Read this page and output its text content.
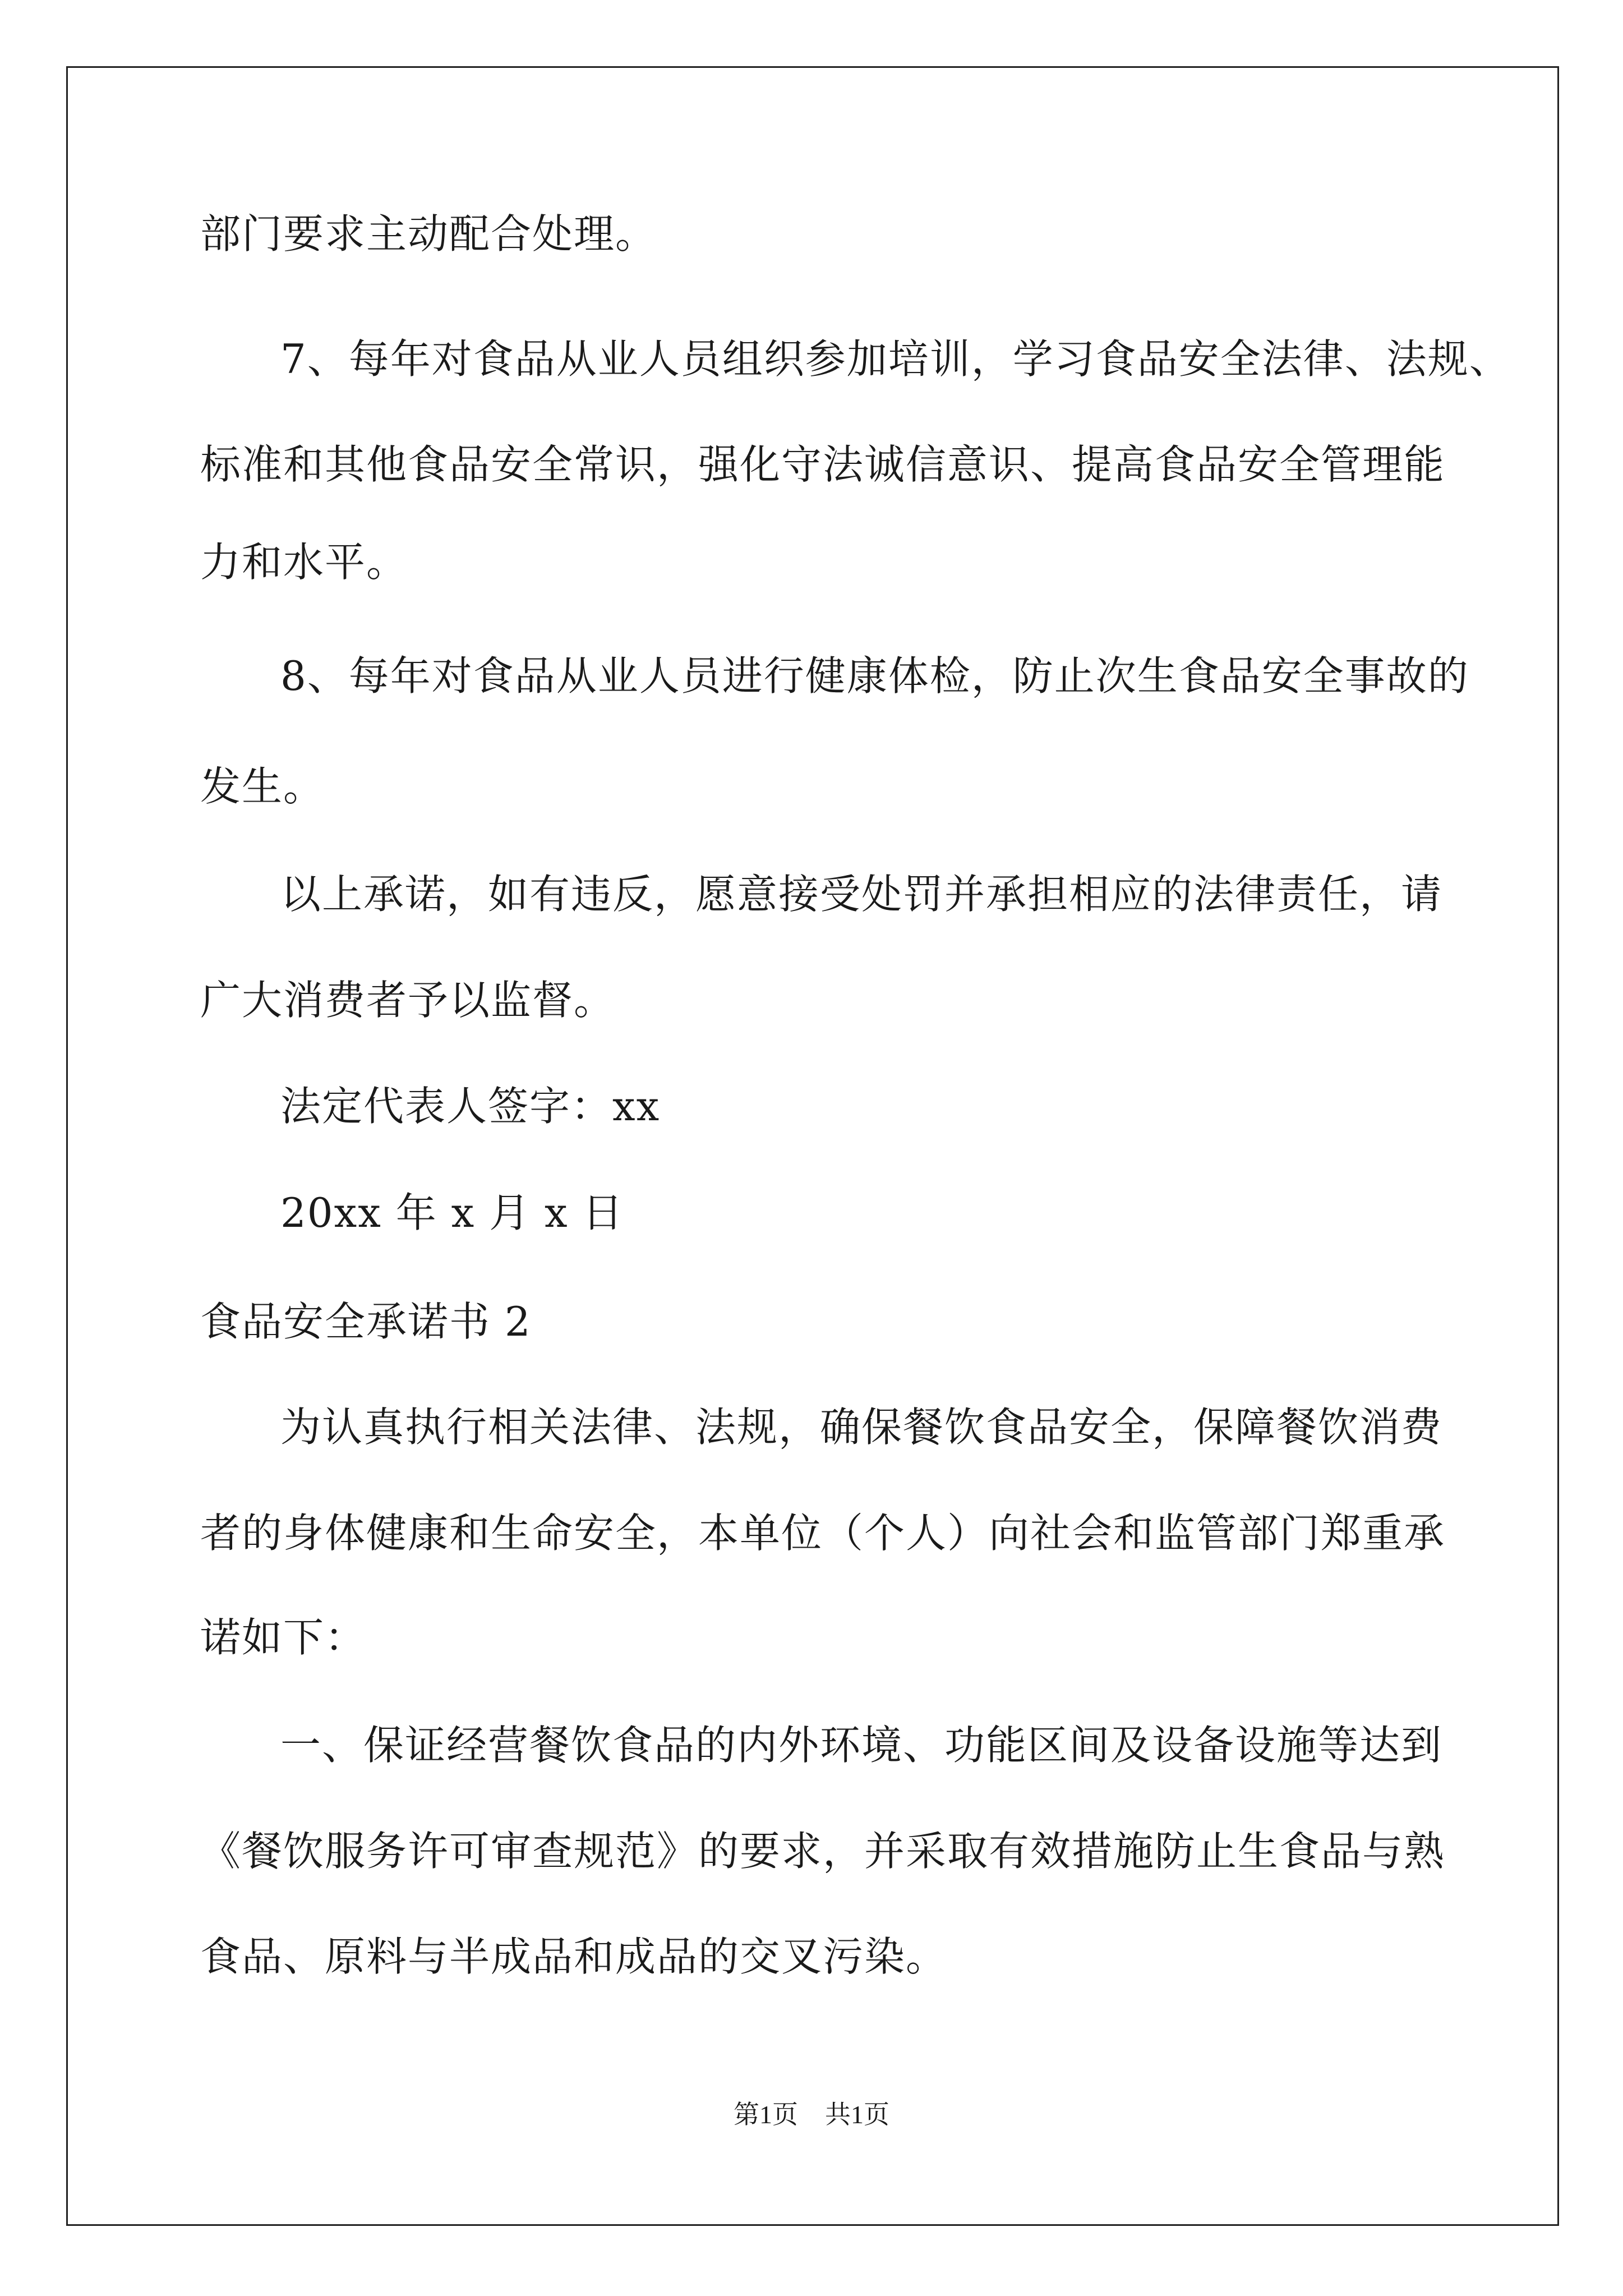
部门要求主动配合处理。
7、每年对食品从业人员组织参加培训，学习食品安全法律、法规、
标准和其他食品安全常识，强化守法诚信意识、提高食品安全管理能
力和水平。
8、每年对食品从业人员进行健康体检，防止次生食品安全事故的
发生。
以上承诺，如有违反，愿意接受处罚并承担相应的法律责任，请
广大消费者予以监督。
法定代表人签字：xx
20xx 年 x 月 x 日
食品安全承诺书 2
为认真执行相关法律、法规，确保餐饮食品安全，保障餐饮消费
者的身体健康和生命安全，本单位（个人）向社会和监管部门郑重承
诺如下：
一、保证经营餐饮食品的内外环境、功能区间及设备设施等达到
《餐饮服务许可审查规范》的要求，并采取有效措施防止生食品与熟
食品、原料与半成品和成品的交叉污染。
第1页 共1页
